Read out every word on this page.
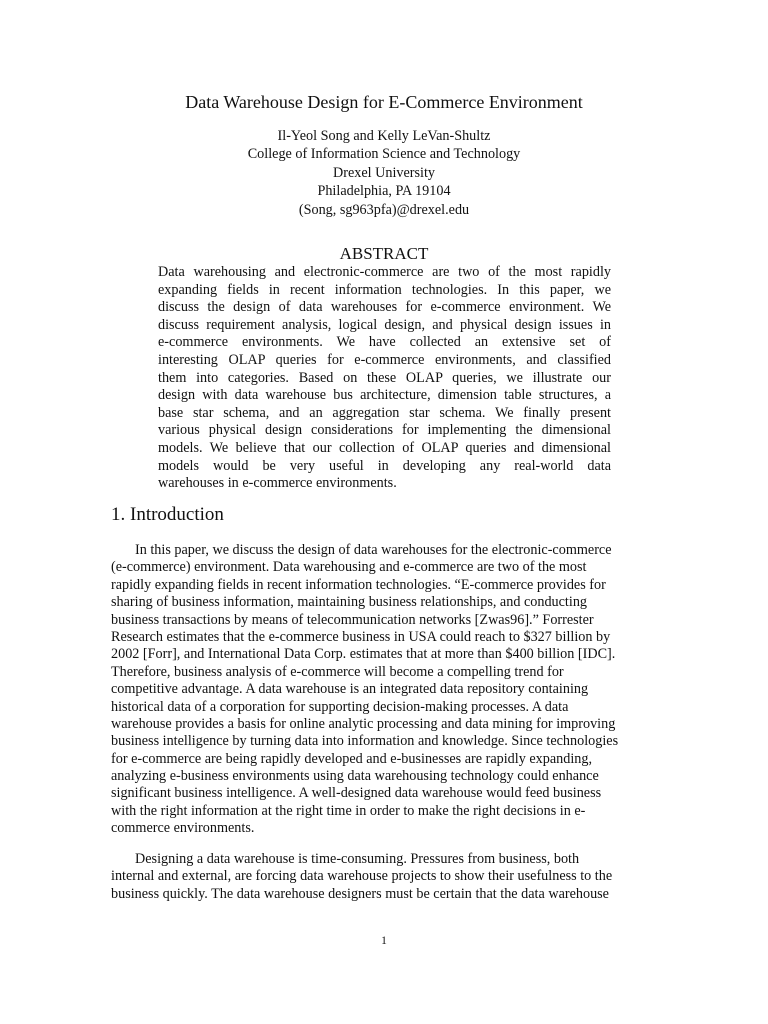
Data Warehouse Design for E-Commerce Environment
Il-Yeol Song and Kelly LeVan-Shultz
College of Information Science and Technology
Drexel University
Philadelphia, PA 19104
(Song, sg963pfa)@drexel.edu
ABSTRACT
Data warehousing and electronic-commerce are two of the most rapidly
expanding fields in recent information technologies. In this paper, we
discuss the design of data warehouses for e-commerce environment. We
discuss requirement analysis, logical design, and physical design issues in
e-commerce environments. We have collected an extensive set of
interesting OLAP queries for e-commerce environments, and classified
them into categories. Based on these OLAP queries, we illustrate our
design with data warehouse bus architecture, dimension table structures, a
base star schema, and an aggregation star schema. We finally present
various physical design considerations for implementing the dimensional
models. We believe that our collection of OLAP queries and dimensional
models would be very useful in developing any real-world data
warehouses in e-commerce environments.
1. Introduction
In this paper, we discuss the design of data warehouses for the electronic-commerce
(e-commerce) environment. Data warehousing and e-commerce are two of the most
rapidly expanding fields in recent information technologies. “E-commerce provides for
sharing of business information, maintaining business relationships, and conducting
business transactions by means of telecommunication networks [Zwas96].” Forrester
Research estimates that the e-commerce business in USA could reach to $327 billion by
2002 [Forr], and International Data Corp. estimates that at more than $400 billion [IDC].
Therefore, business analysis of e-commerce will become a compelling trend for
competitive advantage. A data warehouse is an integrated data repository containing
historical data of a corporation for supporting decision-making processes. A data
warehouse provides a basis for online analytic processing and data mining for improving
business intelligence by turning data into information and knowledge. Since technologies
for e-commerce are being rapidly developed and e-businesses are rapidly expanding,
analyzing e-business environments using data warehousing technology could enhance
significant business intelligence. A well-designed data warehouse would feed business
with the right information at the right time in order to make the right decisions in e-
commerce environments.
Designing a data warehouse is time-consuming. Pressures from business, both
internal and external, are forcing data warehouse projects to show their usefulness to the
business quickly. The data warehouse designers must be certain that the data warehouse
1
